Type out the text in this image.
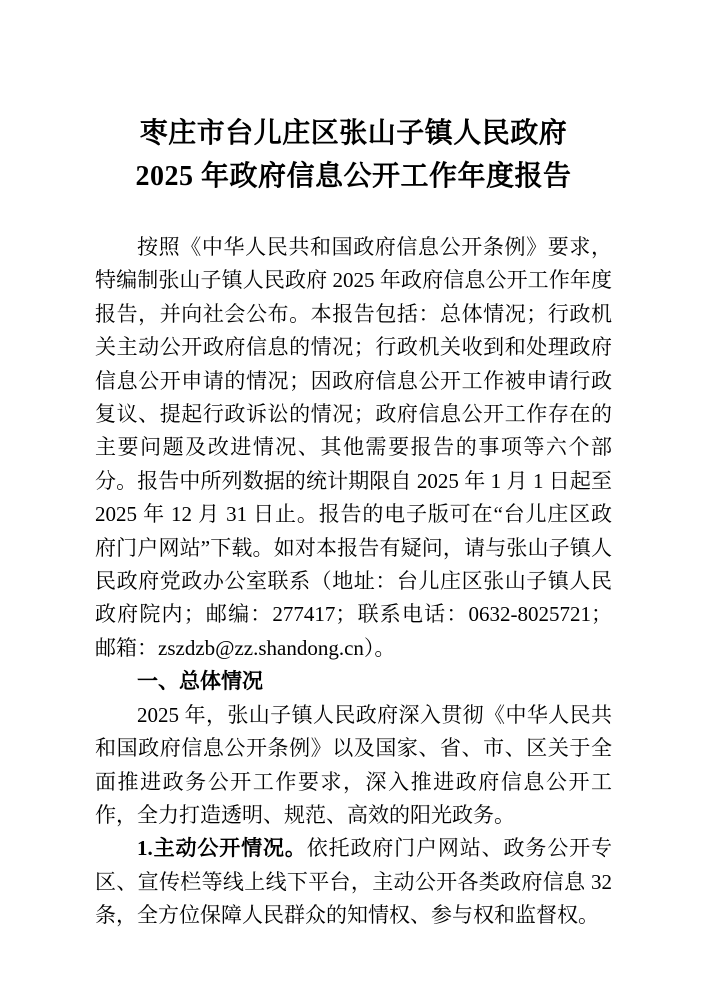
枣庄市台儿庄区张山子镇人民政府
2025 年政府信息公开工作年度报告

按照《中华人民共和国政府信息公开条例》要求，特编制张山子镇人民政府 2025 年政府信息公开工作年度报告，并向社会公布。本报告包括：总体情况；行政机关主动公开政府信息的情况；行政机关收到和处理政府信息公开申请的情况；因政府信息公开工作被申请行政复议、提起行政诉讼的情况；政府信息公开工作存在的主要问题及改进情况、其他需要报告的事项等六个部分。报告中所列数据的统计期限自 2025 年 1 月 1 日起至 2025 年 12 月 31 日止。报告的电子版可在“台儿庄区政府门户网站”下载。如对本报告有疑问，请与张山子镇人民政府党政办公室联系（地址：台儿庄区张山子镇人民政府院内；邮编：277417；联系电话：0632-8025721；邮箱：zszdzb@zz.shandong.cn）。

一、总体情况

2025 年，张山子镇人民政府深入贯彻《中华人民共和国政府信息公开条例》以及国家、省、市、区关于全面推进政务公开工作要求，深入推进政府信息公开工作，全力打造透明、规范、高效的阳光政务。

1.主动公开情况。依托政府门户网站、政务公开专区、宣传栏等线上线下平台，主动公开各类政府信息 32 条，全方位保障人民群众的知情权、参与权和监督权。
